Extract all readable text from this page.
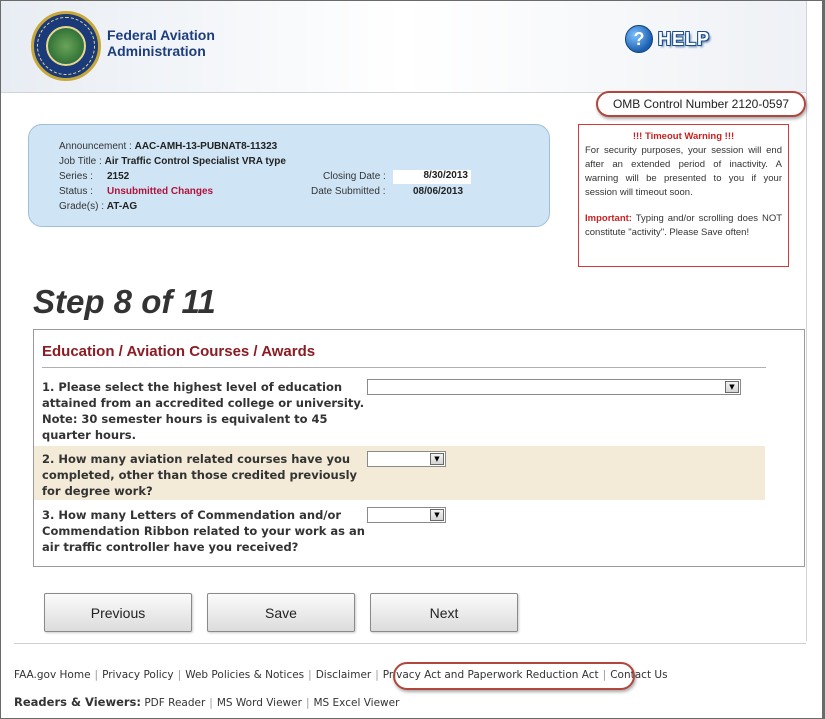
Federal Aviation
Administration
? HELP
OMB Control Number 2120-0597
Announcement : AAC-AMH-13-PUBNAT8-11323
Job Title : Air Traffic Control Specialist VRA type
Series : 2152
Status : Unsubmitted Changes
Grade(s) : AT-AG
Closing Date :	8/30/2013
Date Submitted :	08/06/2013
!!! Timeout Warning !!!
For security purposes, your session will end after an extended period of inactivity. A warning will be presented to you if your session will timeout soon.
Important: Typing and/or scrolling does NOT constitute "activity". Please Save often!
Step 8 of 11
Education / Aviation Courses / Awards
1. Please select the highest level of education attained from an accredited college or university. Note: 30 semester hours is equivalent to 45 quarter hours.
▼
2. How many aviation related courses have you completed, other than those credited previously for degree work?
▼
3. How many Letters of Commendation and/or Commendation Ribbon related to your work as an air traffic controller have you received?
▼
Previous	Save	Next
FAA.gov Home | Privacy Policy | Web Policies & Notices | Disclaimer | Privacy Act and Paperwork Reduction Act | Contact Us
Readers & Viewers: PDF Reader | MS Word Viewer | MS Excel Viewer
